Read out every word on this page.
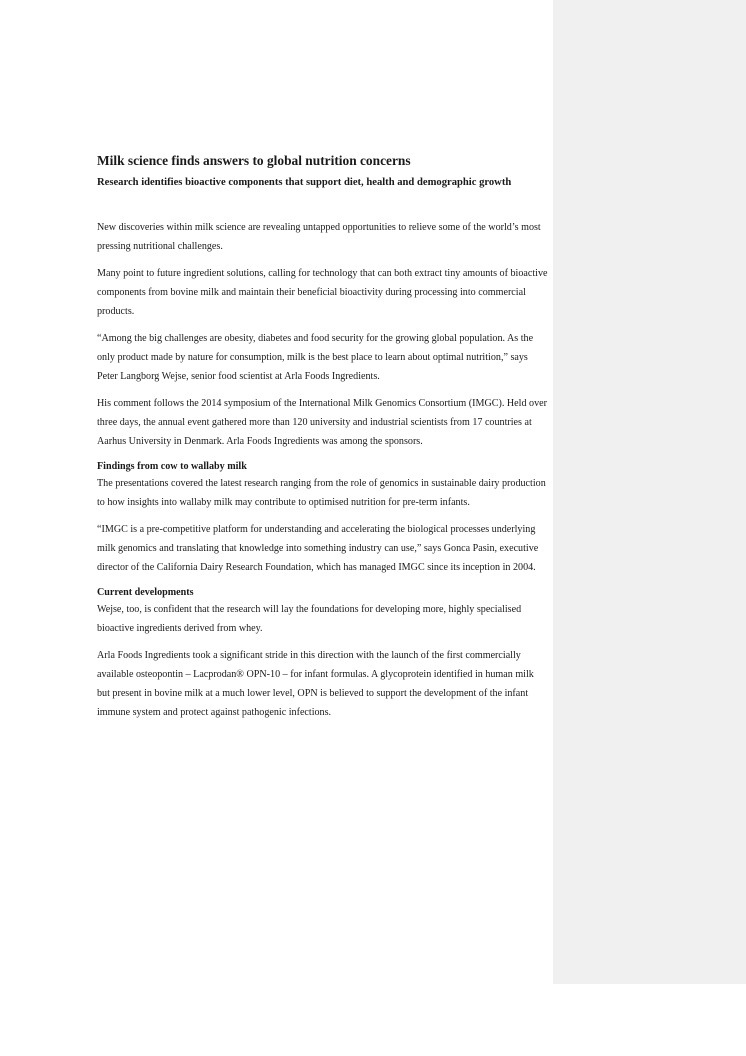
Milk science finds answers to global nutrition concerns
Research identifies bioactive components that support diet, health and demographic growth

New discoveries within milk science are revealing untapped opportunities to relieve some of the world’s most pressing nutritional challenges.

Many point to future ingredient solutions, calling for technology that can both extract tiny amounts of bioactive components from bovine milk and maintain their beneficial bioactivity during processing into commercial products.

“Among the big challenges are obesity, diabetes and food security for the growing global population. As the only product made by nature for consumption, milk is the best place to learn about optimal nutrition,” says Peter Langborg Wejse, senior food scientist at Arla Foods Ingredients.

His comment follows the 2014 symposium of the International Milk Genomics Consortium (IMGC). Held over three days, the annual event gathered more than 120 university and industrial scientists from 17 countries at Aarhus University in Denmark. Arla Foods Ingredients was among the sponsors.

Findings from cow to wallaby milk

The presentations covered the latest research ranging from the role of genomics in sustainable dairy production to how insights into wallaby milk may contribute to optimised nutrition for pre-term infants.

“IMGC is a pre-competitive platform for understanding and accelerating the biological processes underlying milk genomics and translating that knowledge into something industry can use,” says Gonca Pasin, executive director of the California Dairy Research Foundation, which has managed IMGC since its inception in 2004.

Current developments

Wejse, too, is confident that the research will lay the foundations for developing more, highly specialised bioactive ingredients derived from whey.

Arla Foods Ingredients took a significant stride in this direction with the launch of the first commercially available osteopontin – Lacprodan® OPN-10 – for infant formulas. A glycoprotein identified in human milk but present in bovine milk at a much lower level, OPN is believed to support the development of the infant immune system and protect against pathogenic infections.
